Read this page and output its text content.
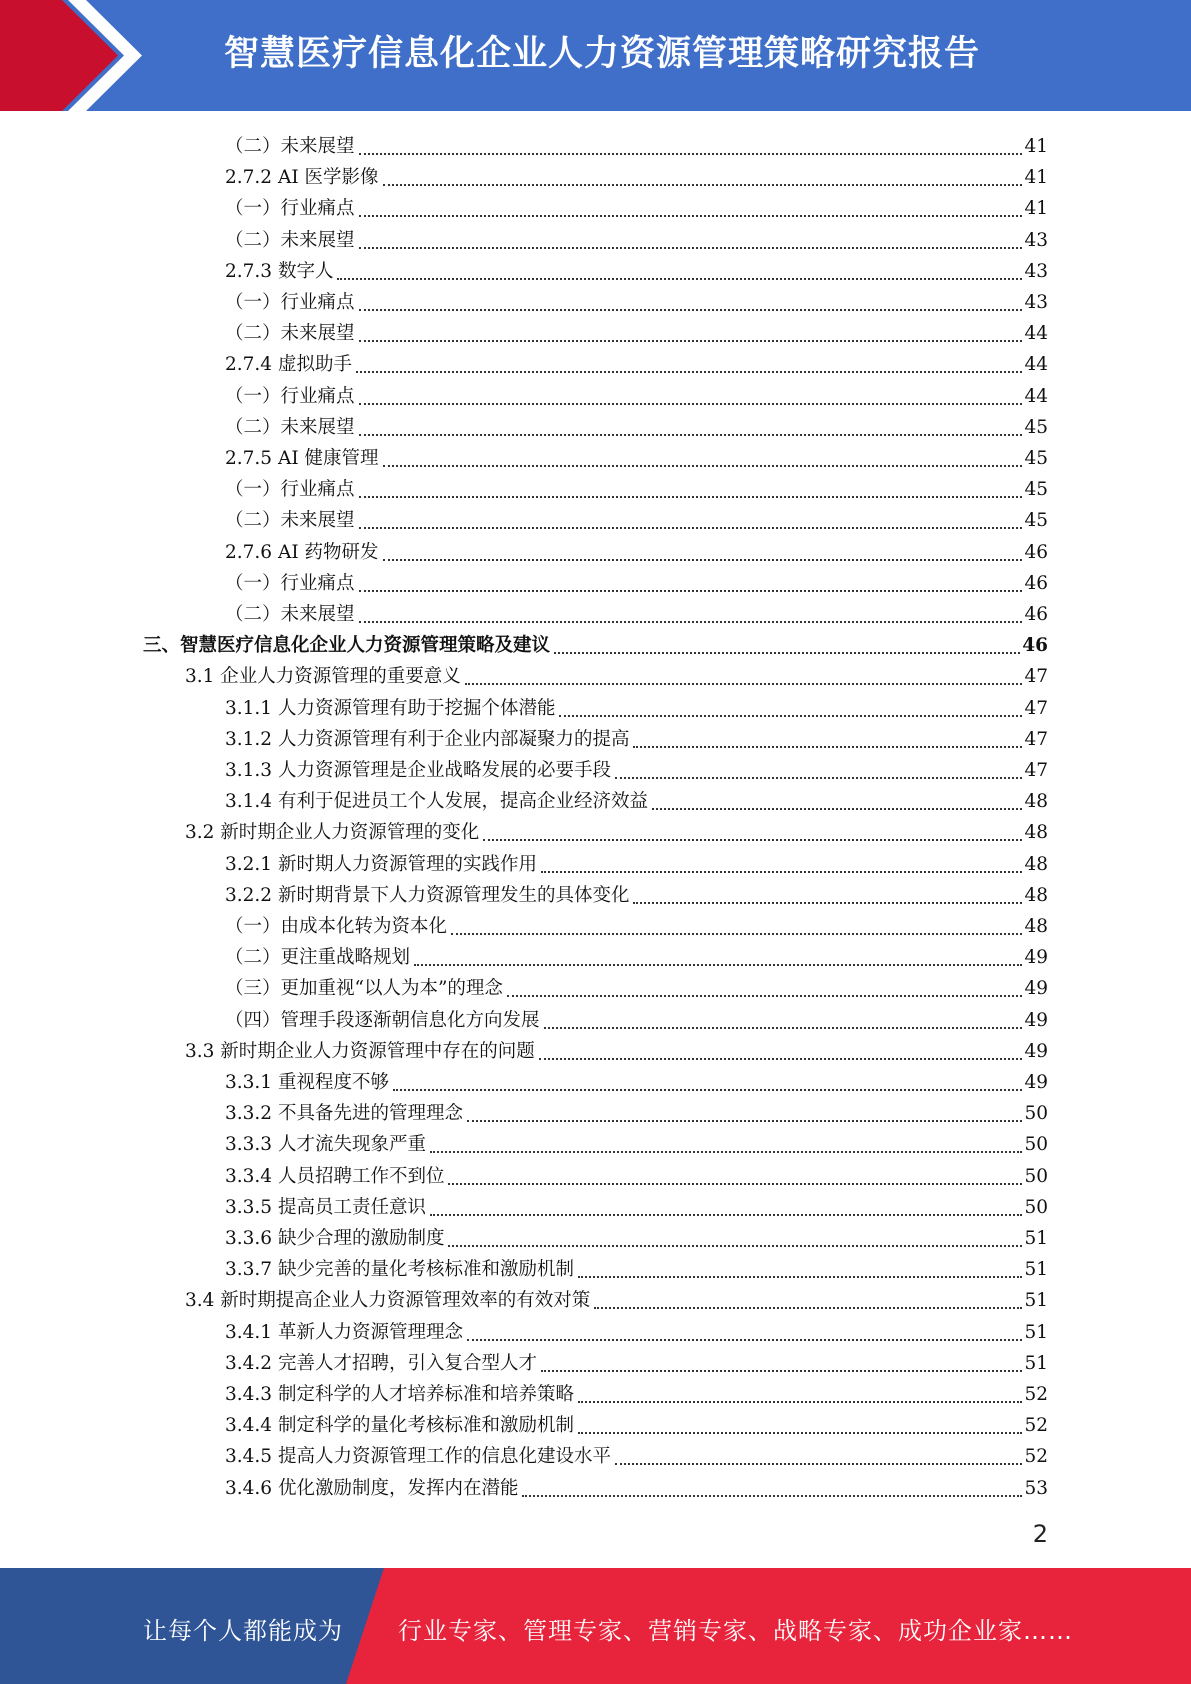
智慧医疗信息化企业人力资源管理策略研究报告
（二）未来展望	41
2.7.2 AI 医学影像	41
（一）行业痛点	41
（二）未来展望	43
2.7.3 数字人	43
（一）行业痛点	43
（二）未来展望	44
2.7.4 虚拟助手	44
（一）行业痛点	44
（二）未来展望	45
2.7.5 AI 健康管理	45
（一）行业痛点	45
（二）未来展望	45
2.7.6 AI 药物研发	46
（一）行业痛点	46
（二）未来展望	46
三、智慧医疗信息化企业人力资源管理策略及建议	46
3.1 企业人力资源管理的重要意义	47
3.1.1 人力资源管理有助于挖掘个体潜能	47
3.1.2 人力资源管理有利于企业内部凝聚力的提高	47
3.1.3 人力资源管理是企业战略发展的必要手段	47
3.1.4 有利于促进员工个人发展，提高企业经济效益	48
3.2 新时期企业人力资源管理的变化	48
3.2.1 新时期人力资源管理的实践作用	48
3.2.2 新时期背景下人力资源管理发生的具体变化	48
（一）由成本化转为资本化	48
（二）更注重战略规划	49
（三）更加重视“以人为本”的理念	49
（四）管理手段逐渐朝信息化方向发展	49
3.3 新时期企业人力资源管理中存在的问题	49
3.3.1 重视程度不够	49
3.3.2 不具备先进的管理理念	50
3.3.3 人才流失现象严重	50
3.3.4 人员招聘工作不到位	50
3.3.5 提高员工责任意识	50
3.3.6 缺少合理的激励制度	51
3.3.7 缺少完善的量化考核标准和激励机制	51
3.4 新时期提高企业人力资源管理效率的有效对策	51
3.4.1 革新人力资源管理理念	51
3.4.2 完善人才招聘，引入复合型人才	51
3.4.3 制定科学的人才培养标准和培养策略	52
3.4.4 制定科学的量化考核标准和激励机制	52
3.4.5 提高人力资源管理工作的信息化建设水平	52
3.4.6 优化激励制度，发挥内在潜能	53
2
让每个人都能成为 行业专家、管理专家、营销专家、战略专家、成功企业家……
